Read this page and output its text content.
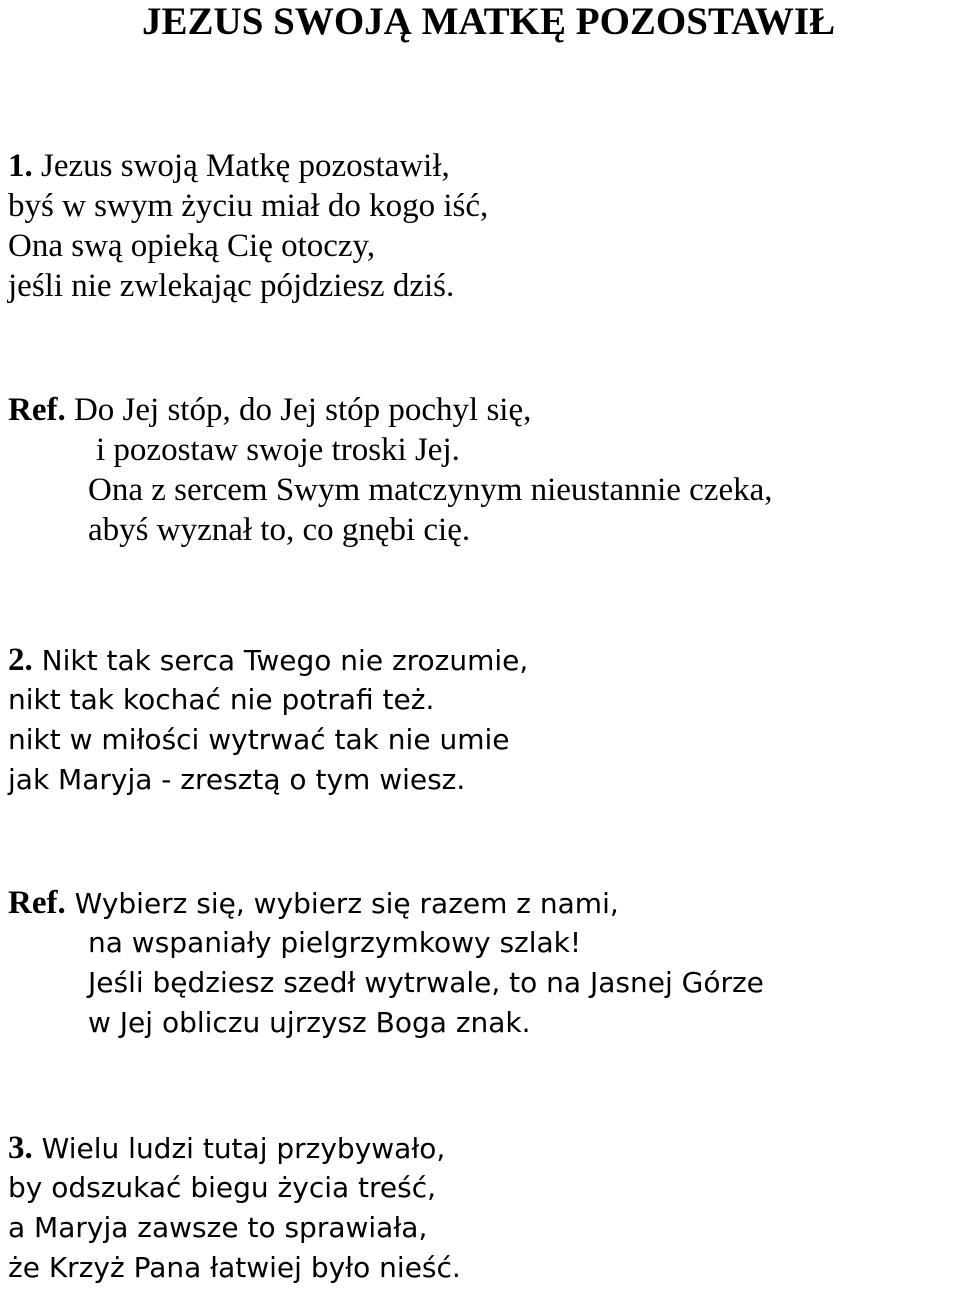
JEZUS SWOJĄ MATKĘ POZOSTAWIŁ
1. Jezus swoją Matkę pozostawił,
byś w swym życiu miał do kogo iść,
Ona swą opieką Cię otoczy,
jeśli nie zwlekając pójdziesz dziś.
Ref. Do Jej stóp, do Jej stóp pochyl się,
i pozostaw swoje troski Jej.
Ona z sercem Swym matczynym nieustannie czeka,
abyś wyznał to, co gnębi cię.
2. Nikt tak serca Twego nie zrozumie,
nikt tak kochać nie potrafi też.
nikt w miłości wytrwać tak nie umie
jak Maryja - zresztą o tym wiesz.
Ref. Wybierz się, wybierz się razem z nami,
na wspaniały pielgrzymkowy szlak!
Jeśli będziesz szedł wytrwale, to na Jasnej Górze
w Jej obliczu ujrzysz Boga znak.
3. Wielu ludzi tutaj przybywało,
by odszukać biegu życia treść,
a Maryja zawsze to sprawiała,
że Krzyż Pana łatwiej było nieść.
